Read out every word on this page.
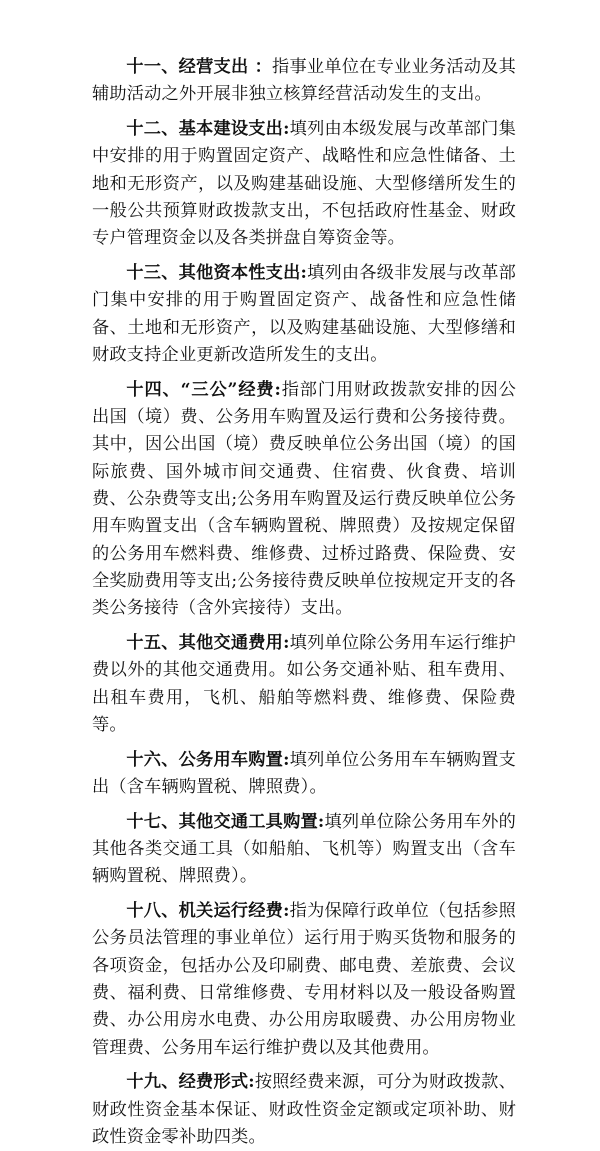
十一、经营支出 ：指事业单位在专业业务活动及其辅助活动之外开展非独立核算经营活动发生的支出。

十二、基本建设支出:填列由本级发展与改革部门集中安排的用于购置固定资产、战略性和应急性储备、土地和无形资产，以及购建基础设施、大型修缮所发生的一般公共预算财政拨款支出，不包括政府性基金、财政专户管理资金以及各类拼盘自筹资金等。

十三、其他资本性支出:填列由各级非发展与改革部门集中安排的用于购置固定资产、战备性和应急性储备、土地和无形资产，以及购建基础设施、大型修缮和财政支持企业更新改造所发生的支出。

十四、“三公”经费:指部门用财政拨款安排的因公出国（境）费、公务用车购置及运行费和公务接待费。其中，因公出国（境）费反映单位公务出国（境）的国际旅费、国外城市间交通费、住宿费、伙食费、培训费、公杂费等支出;公务用车购置及运行费反映单位公务用车购置支出（含车辆购置税、牌照费）及按规定保留的公务用车燃料费、维修费、过桥过路费、保险费、安全奖励费用等支出;公务接待费反映单位按规定开支的各类公务接待（含外宾接待）支出。

十五、其他交通费用:填列单位除公务用车运行维护费以外的其他交通费用。如公务交通补贴、租车费用、出租车费用，飞机、船舶等燃料费、维修费、保险费等。

十六、公务用车购置:填列单位公务用车车辆购置支出（含车辆购置税、牌照费）。

十七、其他交通工具购置:填列单位除公务用车外的其他各类交通工具（如船舶、飞机等）购置支出（含车辆购置税、牌照费）。

十八、机关运行经费:指为保障行政单位（包括参照公务员法管理的事业单位）运行用于购买货物和服务的各项资金，包括办公及印刷费、邮电费、差旅费、会议费、福利费、日常维修费、专用材料以及一般设备购置费、办公用房水电费、办公用房取暖费、办公用房物业管理费、公务用车运行维护费以及其他费用。

十九、经费形式:按照经费来源，可分为财政拨款、财政性资金基本保证、财政性资金定额或定项补助、财政性资金零补助四类。
